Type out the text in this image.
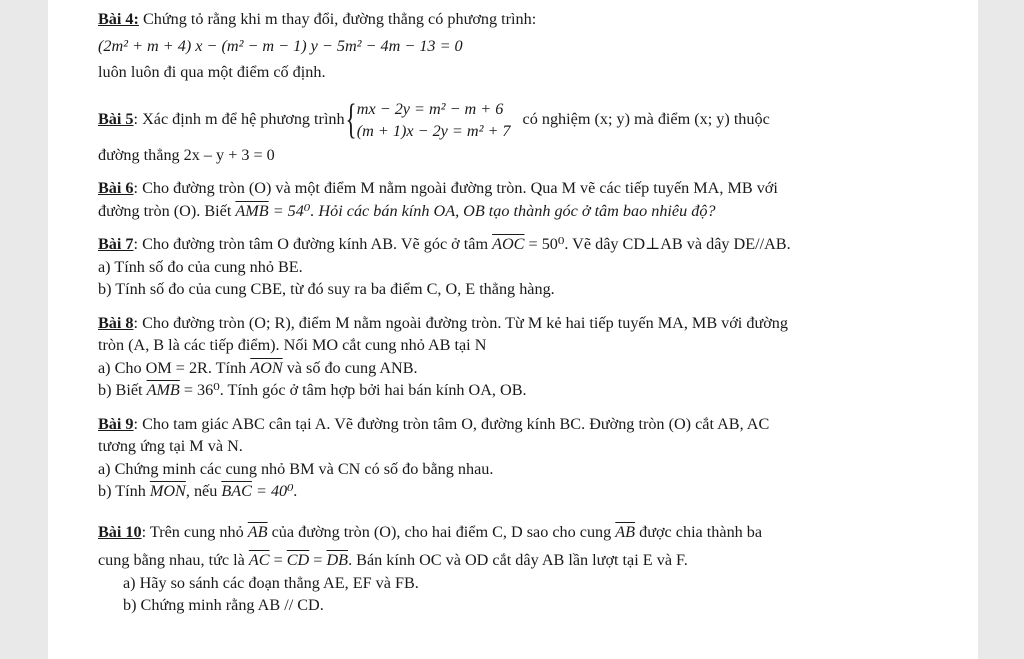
Bài 4: Chứng tỏ rằng khi m thay đổi, đường thẳng có phương trình:

(2m² + m + 4) x − (m² − m − 1) y − 5m² − 4m − 13 = 0

luôn luôn đi qua một điểm cố định.

Bài 5 : Xác định m để hệ phương trình { mx − 2y = m² − m + 6
(m + 1)x − 2y = m² + 7
có nghiệm (x; y) mà điểm (x; y) thuộc

đường thẳng 2x – y + 3 = 0

Bài 6: Cho đường tròn (O) và một điểm M nằm ngoài đường tròn. Qua M vẽ các tiếp tuyến MA, MB với

đường tròn (O). Biết $\overline{AMB} = 54^0$. Hỏi các bán kính OA, OB tạo thành góc ở tâm bao nhiêu độ?

Bài 7: Cho đường tròn tâm O đường kính AB. Vẽ góc ở tâm $\overline{AOC} = 50^0$. Vẽ dây CD⊥AB và dây DE//AB.

a) Tính số đo của cung nhỏ BE.

b) Tính số đo của cung CBE, từ đó suy ra ba điểm C, O, E thẳng hàng.

Bài 8: Cho đường tròn (O; R), điểm M nằm ngoài đường tròn. Từ M kẻ hai tiếp tuyến MA, MB với đường

tròn (A, B là các tiếp điểm). Nối MO cắt cung nhỏ AB tại N

a) Cho OM = 2R. Tính $\overline{AON}$ và số đo cung ANB.

b) Biết $\overline{AMB} = 36^0$. Tính góc ở tâm hợp bởi hai bán kính OA, OB.

Bài 9: Cho tam giác ABC cân tại A. Vẽ đường tròn tâm O, đường kính BC. Đường tròn (O) cắt AB, AC

tương ứng tại M và N.

a) Chứng minh các cung nhỏ BM và CN có số đo bằng nhau.

b) Tính $\overline{MON}$, nếu $\overline{BAC} = 40^0$.

Bài 10: Trên cung nhỏ $\overline{AB}$ của đường tròn (O), cho hai điểm C, D sao cho cung $\overline{AB}$ được chia thành ba

cung bằng nhau, tức là $\overline{AC} = \overline{CD} = \overline{DB}$. Bán kính OC và OD cắt dây AB lần lượt tại E và F.

a) Hãy so sánh các đoạn thẳng AE, EF và FB.

b) Chứng minh rằng AB // CD.
